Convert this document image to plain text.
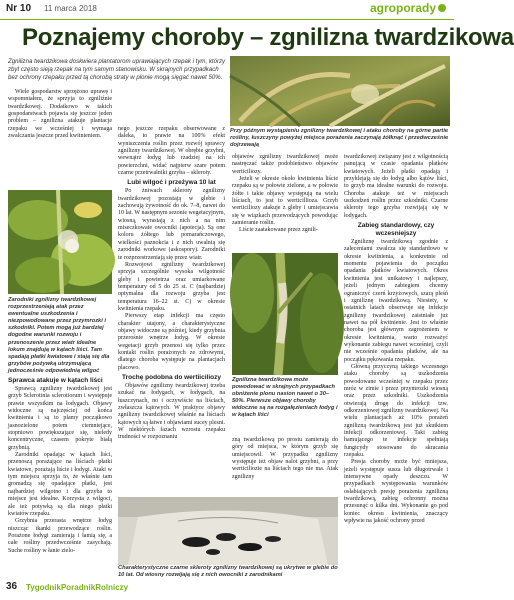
Nr 10 11 marca 2018	agroporady
Poznajemy choroby – zgnilizna twardzikowa
Zgnilizna twardzikowa doskwiera plantatorom uprawiających rzepak i tym, którzy zbyt często sieją rzepak na tym samym stanowisku. W skrajnych przypadkach bez ochrony rzepaku przed tą chorobą straty w plonie mogą sięgać nawet 50%.
Przy późnym wystąpieniu zgnilizny twardzikowej i ataku choroby na górne partie rośliny, łuszczyny powyżej miejsca porażenia zaczynają żółknąć i przedwcześnie dojrzewają

Wiele gospodarstw sprzężono uprawę i wspomniałem, że sprzyja to zgniliźnie twardzikowej. Dodatkowo w takich gospodarstwach pojawia się jeszcze jeden problem – zgnilizna atakuje plantacje rzepaku we wcześniej i wymaga zwalczania jeszcze przed kwitnieniem.

Zarodniki zgnilizny twardzikowej rozprzestrzeniają atak przez ewentualne uszkodzenia i niezpowodowane przez przymrozki i szkodniki. Potem mogą już bardziej dogodne warunki rozwoju i przenoszenie przez wiatr idealne lokum znajdują w kątach liści. Tam spadają płatki kwiatowe i stają się dla grzybów pożywką utrzymującą jednocześnie odpowiednią wilgoć
Sprawca atakuje w kątach liści

Sprawcą zgnilizny twardzikowej jest grzyb Sclerotinia sclerotiorum i występuje prawie wszystkim na łodygach. Objawy widoczne są najczęściej od końca kwitnienia i są to plamy początkowo jasnozielone potem ciemniejące, stopniowo powiększające się, nieledy koncentryczne, czasem pokryte białą grzybnią.

Zarodniki opadając w kątach liści, przenoszą porażające na liściach płatki kwiatowe, porażają liście i łodygi. Ataki w tym miejscu sprzyja to, że właśnie tam gromadzą się opadające płatki, jest najbardziej wilgotno i dla grzyba to miejsce jest idealne. Korzysta z wilgoci, ale też potywką są dla niego płatki kwiatów rzepaku.

Grzybnia przerasta wnętrze łodyg niszcząc tkanki przewodzące roślin. Porażone łodygi zamierają i łamią się, a całe rośliny przedwcześnie zasychają. Suche rośliny w łanie zielo-

nego jeszcze rzepaku obserwowane z daleka, to prawie na 100% efekt wyniszczenia roślin przez rozwój sprawcy zgnilizny twardzikowej. W obrębie grzybni, wewnątrz łodyg lub rzadziej na ich powierzchni, widać najpierw szare potem czarne przetrwalniki grzyba – skleroty.

Lubi wilgoć i przeżywa 10 lat

Po żniwach skleroty zgnilizny twardzikowej pozostają w glebie i zachowują żywotność do ok. 7–8, nawet do 10 lat. W następnym sezonie wegetacyjnym, wiosną, wyrastają z nich a na nim miseczkowate owocniki (apotecja). Są one koloru żółtego lub pomarańczowego, wielkości paznokcia i z nich uwalnią się zarodniki workowe (askospory). Zarodniki te rozprzestrzeniają się przez wiatr.

Rozwojowi zgnilizny twardzikowej sprzyja szczególnie wysoka wilgotność gleby i powietrza oraz umiarkowane temperatury od 5 do 25 st. C (najbardziej optymalna dla rozwoju grzyba jest temperatura 16–22 st. C) w okresie kwitnienia rzepaku.

Pierwszy etap infekcji ma często charakter utajony, a charakterystyczne objawy widoczne są później, kiedy grzybnia przerośnie wnętrze łodyg. W okresie wegetacji grzyb przenosi się tylko przez kontakt roślin porażonych ze zdrowymi, dlatego choroba występuje na plantacjach placowo.

Trochę podobna do wertiiciliozy

Objawów zgnilizny twardzikowej trzeba szukać na łodygach, w łodygach, na łuszczynach, no i oczywiście na liściach, zwłaszcza kątowych. W praktyce objawy zgnilizny twardzikowej właśnie na liściach kątowych są łatwe i objawiami sucey plesni. W niektórych fazach wzrostu rzepaku trudności w rozpoznaniu

objawów zgnilizny twardzikowej może nastręczać także podobieństwo objawów werticiliozy.

Jeżeli w okresie około kwitnienia liście rzepaku są w połowie zielone, a w połowie żółte i takie objawy występują na wielu liściach, to jest to werticillioza. Grzyb werticiliozy atakuje z gleby i umiejscawia się w wiązkach przewodzących powodując zamieranie roślin.

Liście zaatakowane przez zgnili-

Zgnilizna twardzikowa może powodować w skrajnych przypadkach obniżenie plonu nasion nawet o 30–50%. Pierwsze objawy choroby widoczne są na rozgałęzieniach łodyg i w kątach liści

zną twardzikową po prostu zamierają do góry od miejsca, w którym grzyb się umiejscowił. W przypadku zgnilizny występuje też objaw nalot grzybni, a przy werticiliozie na liściach tego nie ma. Atak zgnilizny

twardzikowej związany jest z wilgotnością panującą w czasie opadania płatków kwiatowych. Jeżeli płatki opadają i przyklejają się do łodyg albo kątów liści, to grzyb ma idealne warunki do rozwoju. Choroba atakuje też w miejscach uszkodzeń roślin przez szkodniki. Czarne skleroty tego grzyba rozwijają się w łodygach.

Zabieg standardowy, czy wczesniejszy

Zgniliznę twardzikową zgodnie z zaleceniami zwalcza się standardowo w okresie kwitnienia, a konkretnie od momentu pojawienia do początku opadania płatków kwiatowych. Okres kwitnienia jest unikatowy i najlepszy, jeżeli jednym zabiegiem chcemy ograniczyć czerń krzyżowych, szarą pleśń i zgniliznę twardzikową. Niestety, w ostatnich latach obserwuje się infekcje zgnilizny twardzikowej zaistniałe już nawet na pół kwitnienie. Jest to właśnie choroba jest głównym zagrożeniem w okresie kwitnienia, warto rozważyć wykonanie zabiegu nawet wcześniej, czyli nie wcześnie opadania płatków, ale na początku pękowania rzepaku.

Główną przyczyną takiego wczesnego ataku choroby są uszkodzenia powodowane wcześniej w rzepaku przez mróz w zimie i przez przymrozki wiosną oraz przez szkodniki. Uszkodzenia otwierają drogę do infekcji tzw. odkorzeniowej zgnilizny twardzikowej. Na wielu plantacjach aż 10% porażeń zgnilizną twardzikową jest już skutkiem infekcji odkorzeniowej. Taki zabieg hamującego te infekcje spełniają fungicydy stosowane do skracania rzepaku.

Presja choroby może być mniejsza, jeżeli występuje susza lub długotrwale i intensywne opady deszczu. W przypadkach występowania warunków osłabiających presję porażenia zgnilizną twardzikową, zabieg ochronny można przesunąć o kilka dni. Wykonanie go pod koniec okresu kwitnienia, znaczący wpływie na jakość ochrony przed

Charakterystyczne czarne skleroty zgnilizny twardzikowej są ukrytwe w glebie do 10 lat. Od wiosny rozwijają się z nich owocniki z zarodnikami
36 TygodnikPoradnikRolniczy
